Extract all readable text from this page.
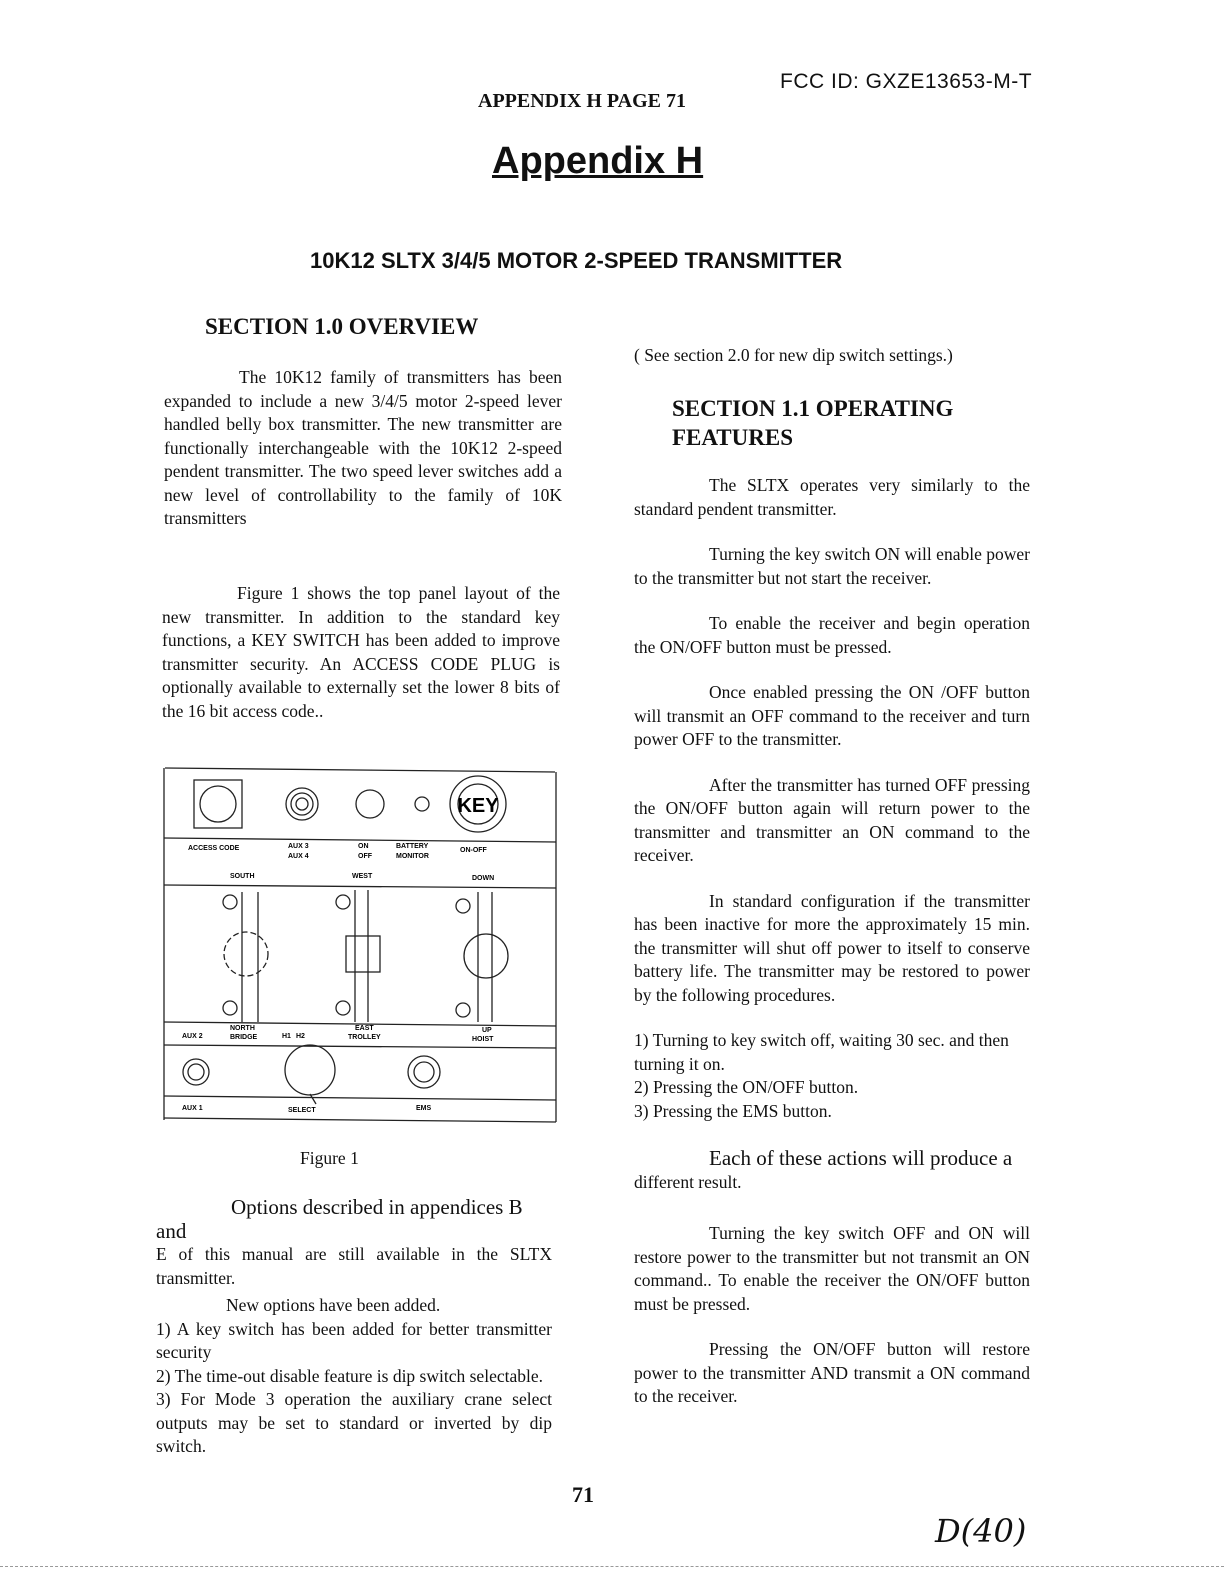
FCC ID: GXZE13653-M-T
APPENDIX H PAGE 71
Appendix H
10K12 SLTX 3/4/5 MOTOR 2-SPEED TRANSMITTER
SECTION 1.0 OVERVIEW

The 10K12 family of transmitters has been expanded to include a new 3/4/5 motor 2-speed lever handled belly box transmitter. The new transmitter are functionally interchangeable with the 10K12 2-speed pendent transmitter. The two speed lever switches add a new level of controllability to the family of 10K transmitters

Figure 1 shows the top panel layout of the new transmitter. In addition to the standard key functions, a KEY SWITCH has been added to improve transmitter security. An ACCESS CODE PLUG is optionally available to externally set the lower 8 bits of the 16 bit access code..

KEY
ACCESS CODE	AUX 3
AUX 4
ON
OFF
BATTERY
MONITOR
ON-OFF
SOUTH	WEST	DOWN
AUX 2
NORTH
BRIDGE	H1 H2
EAST
TROLLEY
UP
HOIST
AUX 1	SELECT	EMS
Figure 1

Options described in appendices B and

E of this manual are still available in the SLTX transmitter.

New options have been added.

1) A key switch has been added for better transmitter security

2) The time-out disable feature is dip switch selectable.

3) For Mode 3 operation the auxiliary crane select outputs may be set to standard or inverted by dip switch.

( See section 2.0 for new dip switch settings.)
SECTION 1.1 OPERATING FEATURES

The SLTX operates very similarly to the standard pendent transmitter.

Turning the key switch ON will enable power to the transmitter but not start the receiver.

To enable the receiver and begin operation the ON/OFF button must be pressed.

Once enabled pressing the ON /OFF button will transmit an OFF command to the receiver and turn power OFF to the transmitter.

After the transmitter has turned OFF pressing the ON/OFF button again will return power to the transmitter and transmitter an ON command to the receiver.

In standard configuration if the transmitter has been inactive for more the approximately 15 min. the transmitter will shut off power to itself to conserve battery life. The transmitter may be restored to power by the following procedures.

1) Turning to key switch off, waiting 30 sec. and then turning it on.

2) Pressing the ON/OFF button.

3) Pressing the EMS button.

Each of these actions will produce a

different result.

Turning the key switch OFF and ON will restore power to the transmitter but not transmit an ON command.. To enable the receiver the ON/OFF button must be pressed.

Pressing the ON/OFF button will restore power to the transmitter AND transmit a ON command to the receiver.

71
D(40)
